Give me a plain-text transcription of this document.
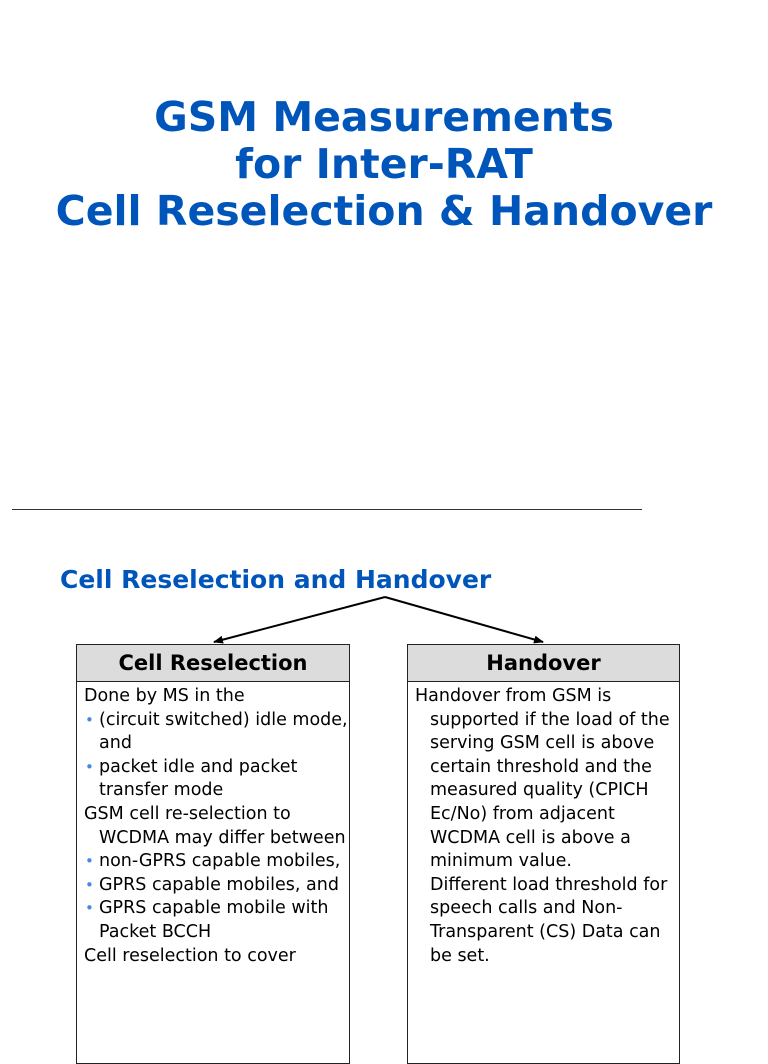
GSM Measurements
for Inter-RAT
Cell Reselection & Handover
Cell Reselection and Handover
Cell Reselection

Done by MS in the

• (circuit switched) idle mode, and
• packet idle and packet transfer mode

GSM cell re-selection to WCDMA may differ between

• non-GPRS capable mobiles,
• GPRS capable mobiles, and
• GPRS capable mobile with Packet BCCH

Cell reselection to cover

Handover

Handover from GSM is supported if the load of the serving GSM cell is above certain threshold and the measured quality (CPICH Ec/No) from adjacent WCDMA cell is above a minimum value.

Different load threshold for speech calls and Non-Transparent (CS) Data can be set.
